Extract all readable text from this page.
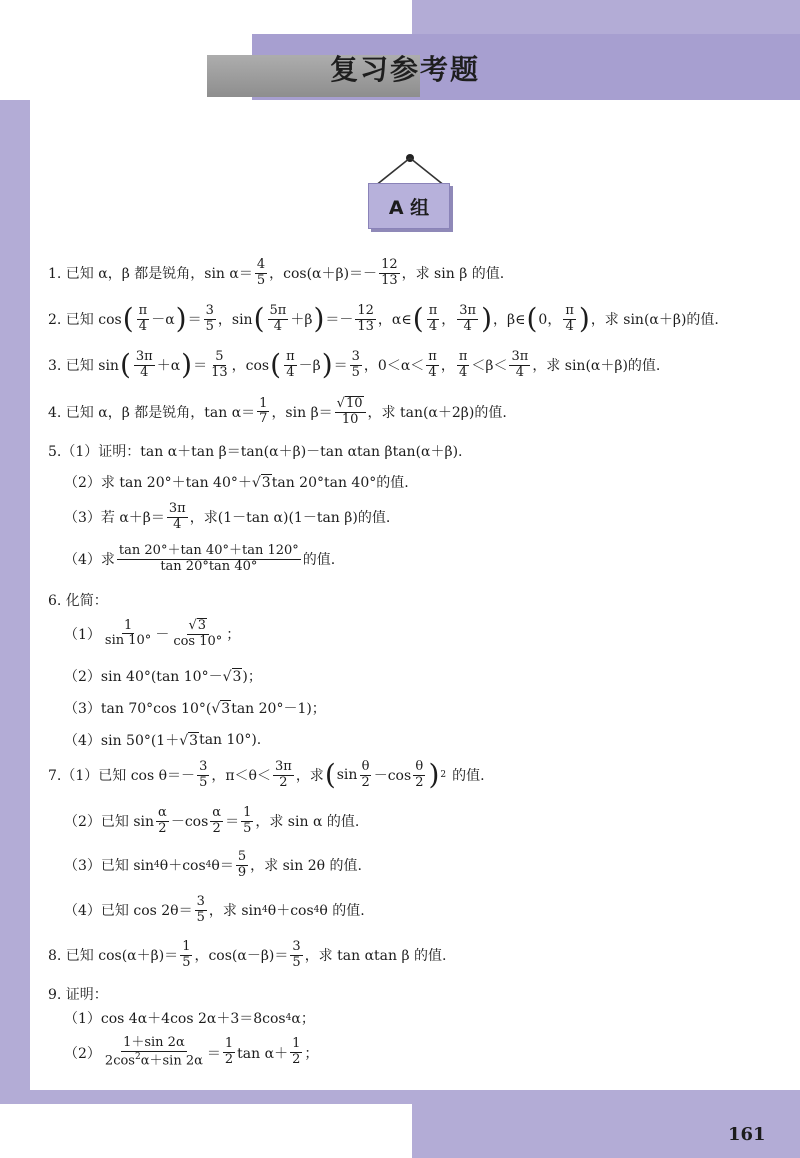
复习参考题
A 组
1. 已知 α，β 都是锐角，$\sin \alpha= \frac{4}{5}$ ，$\cos(\alpha+\beta)=- \frac{12}{13}$ ，求 sin β 的值.
2. 已知 cos ( $\frac{\pi}{4} -\alpha$ ) ＝ $\frac{3}{5}$ ，sin ( $\frac{5\pi}{4} +\beta$ ) ＝－ $\frac{12}{13}$ ，α∈ ( $\frac{\pi}{4}$ ， $\frac{3\pi}{4}$ ) ，β∈ ( 0， $\frac{\pi}{4}$ ) ，求 sin(α＋β)的值.
3. 已知 sin ( $\frac{3\pi}{4} +\alpha$ ) ＝ $\frac{5}{13}$ ，cos ( $\frac{\pi}{4} -\beta$ ) ＝ $\frac{3}{5}$ ，$0<\alpha< \frac{\pi}{4}$ ， $\frac{\pi}{4} <\beta< \frac{3\pi}{4}$ ，求 sin(α＋β)的值.
4. 已知 α，β 都是锐角，$\tan \alpha= \frac{1}{7}$ ，$\sin \beta= \frac{√ 10}{10}$ ，求 tan(α＋2β)的值.
5.（1）证明：tan α＋tan β＝tan(α＋β)－tan αtan βtan(α＋β).
（2）求 tan 20°＋tan 40°＋ √ 3 tan 20°tan 40°的值.
（3）若 $\alpha+\beta= \frac{3\pi}{4}$ ，求(1－tan α)(1－tan β)的值.
（4）求 $\frac{\tan 20^\circ+\tan 40^\circ+\tan 120^\circ}{\tan 20^\circ\tan 40^\circ}$ 的值.
6. 化简：
$(1) \frac{1}{\sin 10^\circ} - \frac{√ 3}{\cos 10^\circ}$ ；
（2）sin 40°(tan 10°－ √ 3 )；
（3）tan 70°cos 10°( √ 3 tan 20°－1)；
（4）sin 50°(1＋ √ 3 tan 10°).
7.（1）已知 $\cos \theta=- \frac{3}{5}$ ，$\pi<\theta< \frac{3\pi}{2}$ ，求 ( $\sin \frac{\theta}{2} -\cos \frac{\theta}{2}$ ) 2 的值.
（2）已知 $\sin \frac{\alpha}{2} -\cos \frac{\alpha}{2} = \frac{1}{5}$ ，求 sin α 的值.
（3）已知 sin 4 θ＋cos 4 $\theta= \frac{5}{9}$ ，求 sin 2θ 的值.
（4）已知 $\cos 2\theta= \frac{3}{5}$ ，求 sin 4 θ＋cos 4 θ 的值.
8. 已知 $\cos(\alpha+\beta)= \frac{1}{5}$ ，$\cos(\alpha-\beta)= \frac{3}{5}$ ，求 tan αtan β 的值.
9. 证明：
（1）cos 4α＋4cos 2α＋3＝8cos 4 α；
$(2) \frac{1+\sin 2\alpha}{2\cos^2\alpha+\sin 2\alpha} = \frac{1}{2}$ $\tan \alpha+ \frac{1}{2}$ ；
161
